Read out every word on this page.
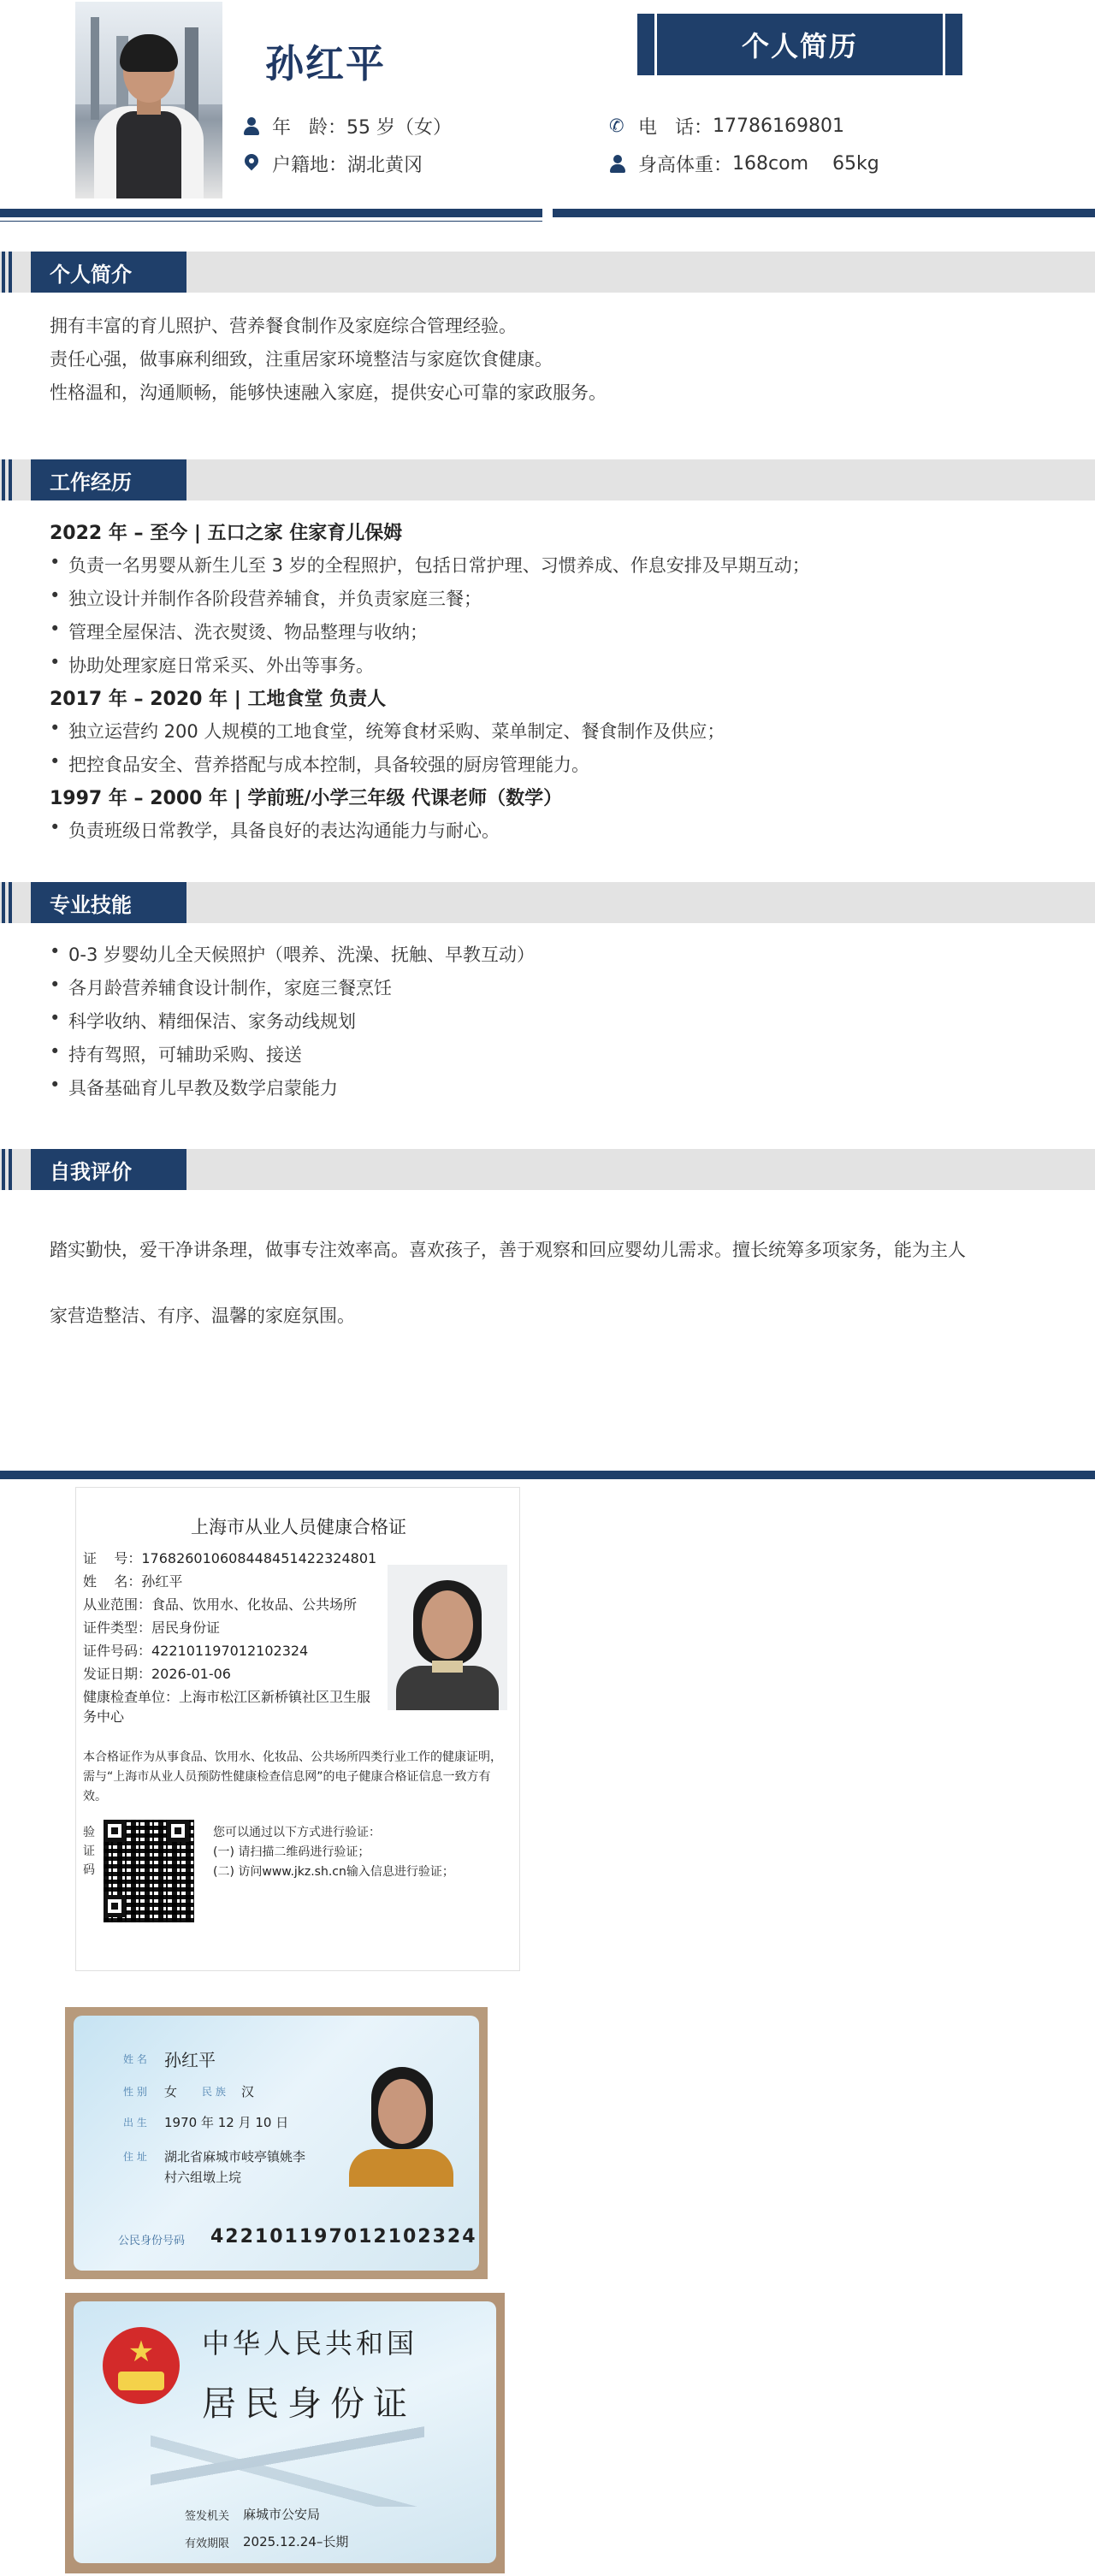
孙红平	个人简历
年   龄： 55 岁（女）
户籍地： 湖北黄冈
✆ 电   话： 17786169801
身高体重： 168com    65kg
个人简介
拥有丰富的育儿照护、营养餐食制作及家庭综合管理经验。
责任心强，做事麻利细致，注重居家环境整洁与家庭饮食健康。
性格温和，沟通顺畅，能够快速融入家庭，提供安心可靠的家政服务。
工作经历
2022 年 – 至今 | 五口之家 住家育儿保姆
• 负责一名男婴从新生儿至 3 岁的全程照护，包括日常护理、习惯养成、作息安排及早期互动；
• 独立设计并制作各阶段营养辅食，并负责家庭三餐；
• 管理全屋保洁、洗衣熨烫、物品整理与收纳；
• 协助处理家庭日常采买、外出等事务。
2017 年 – 2020 年 | 工地食堂 负责人
• 独立运营约 200 人规模的工地食堂，统筹食材采购、菜单制定、餐食制作及供应；
• 把控食品安全、营养搭配与成本控制，具备较强的厨房管理能力。
1997 年 – 2000 年 | 学前班/小学三年级 代课老师（数学）
• 负责班级日常教学，具备良好的表达沟通能力与耐心。
专业技能
• 0-3 岁婴幼儿全天候照护（喂养、洗澡、抚触、早教互动）
• 各月龄营养辅食设计制作，家庭三餐烹饪
• 科学收纳、精细保洁、家务动线规划
• 持有驾照，可辅助采购、接送
• 具备基础育儿早教及数学启蒙能力
自我评价
踏实勤快，爱干净讲条理，做事专注效率高。喜欢孩子，善于观察和回应婴幼儿需求。擅长统筹多项家务，能为主人
家营造整洁、有序、温馨的家庭氛围。
上海市从业人员健康合格证
证    号：1768260106084484514223248​01
姓    名：孙红平
从业范围：食品、饮用水、化妆品、公共场所
证件类型：居民身份证
证件号码：422101197012102324
发证日期：2026-01-06
健康检查单位：上海市松江区新桥镇社区卫生服
务中心
本合格证作为从事食品、饮用水、化妆品、公共场所四类行业工作的健康证明，需与“上海市从业人员预防性健康检查信息网”的电子健康合格证信息一致方有效。
验证码
您可以通过以下方式进行验证：
(一) 请扫描二维码进行验证；
(二) 访问www.jkz.sh.cn输入信息进行验证；
姓 名 孙红平
性 别 女 民 族 汉
出 生 1970 年 12 月 10 日
住 址 湖北省麻城市岐亭镇姚李
村六组墩上垸
公民身份号码 422101197012102324
★
中华人民共和国
居民身份证
签发机关 麻城市公安局
有效期限 2025.12.24–长期
